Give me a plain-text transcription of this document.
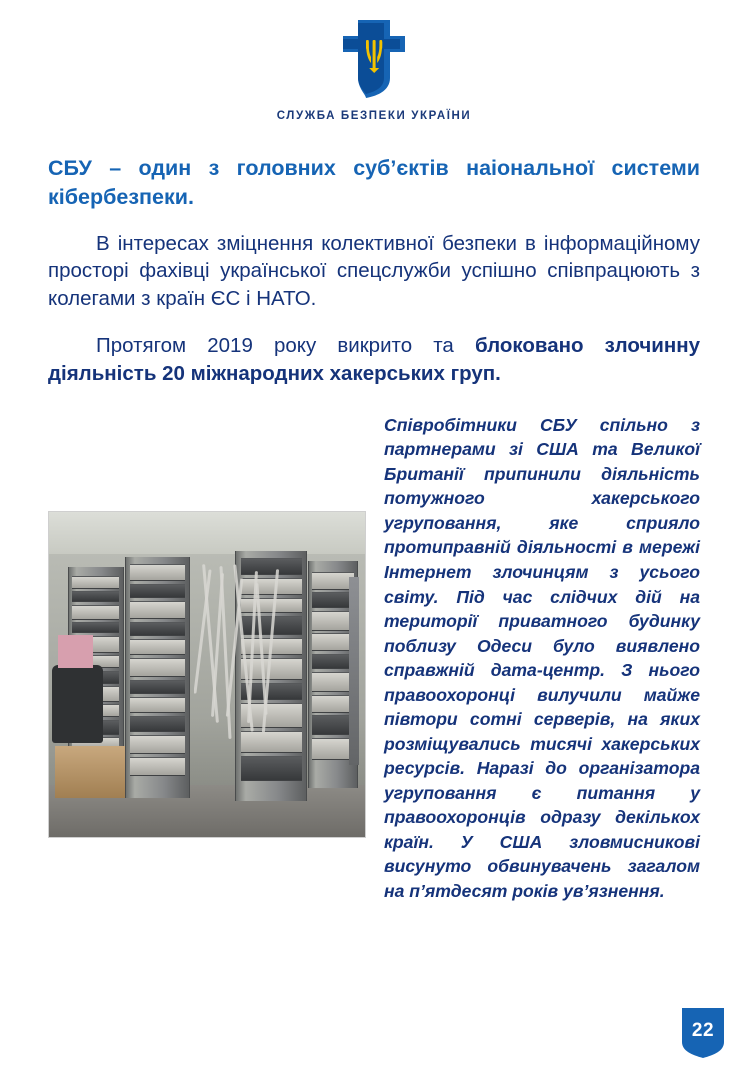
СЛУЖБА БЕЗПЕКИ УКРАЇНИ
СБУ – один з головних суб’єктів наіональної системи кібербезпеки.

В інтересах зміцнення колективної безпеки в інформаційному просторі фахівці української спецслужби успішно співпрацюють з колегами з країн ЄС і НАТО.

Протягом 2019 року викрито та блоковано злочинну діяльність 20 міжнародних хакерських груп.

Співробітники СБУ спільно з партнерами зі США та Великої Британії припинили діяльність потужного хакерського угруповання, яке сприяло протиправній діяльності в мережі Інтернет злочинцям з усього світу. Під час слідчих дій на території приватного будинку поблизу Одеси було виявлено справжній дата-центр. З нього правоохоронці вилучили майже півтори сотні серверів, на яких розміщувались тисячі хакерських ресурсів. Наразі до організатора угруповання є питання у правоохоронців одразу декількох країн. У США зловмисникові висунуто обвинувачень загалом на п’ятдесят років ув’язнення.
22
